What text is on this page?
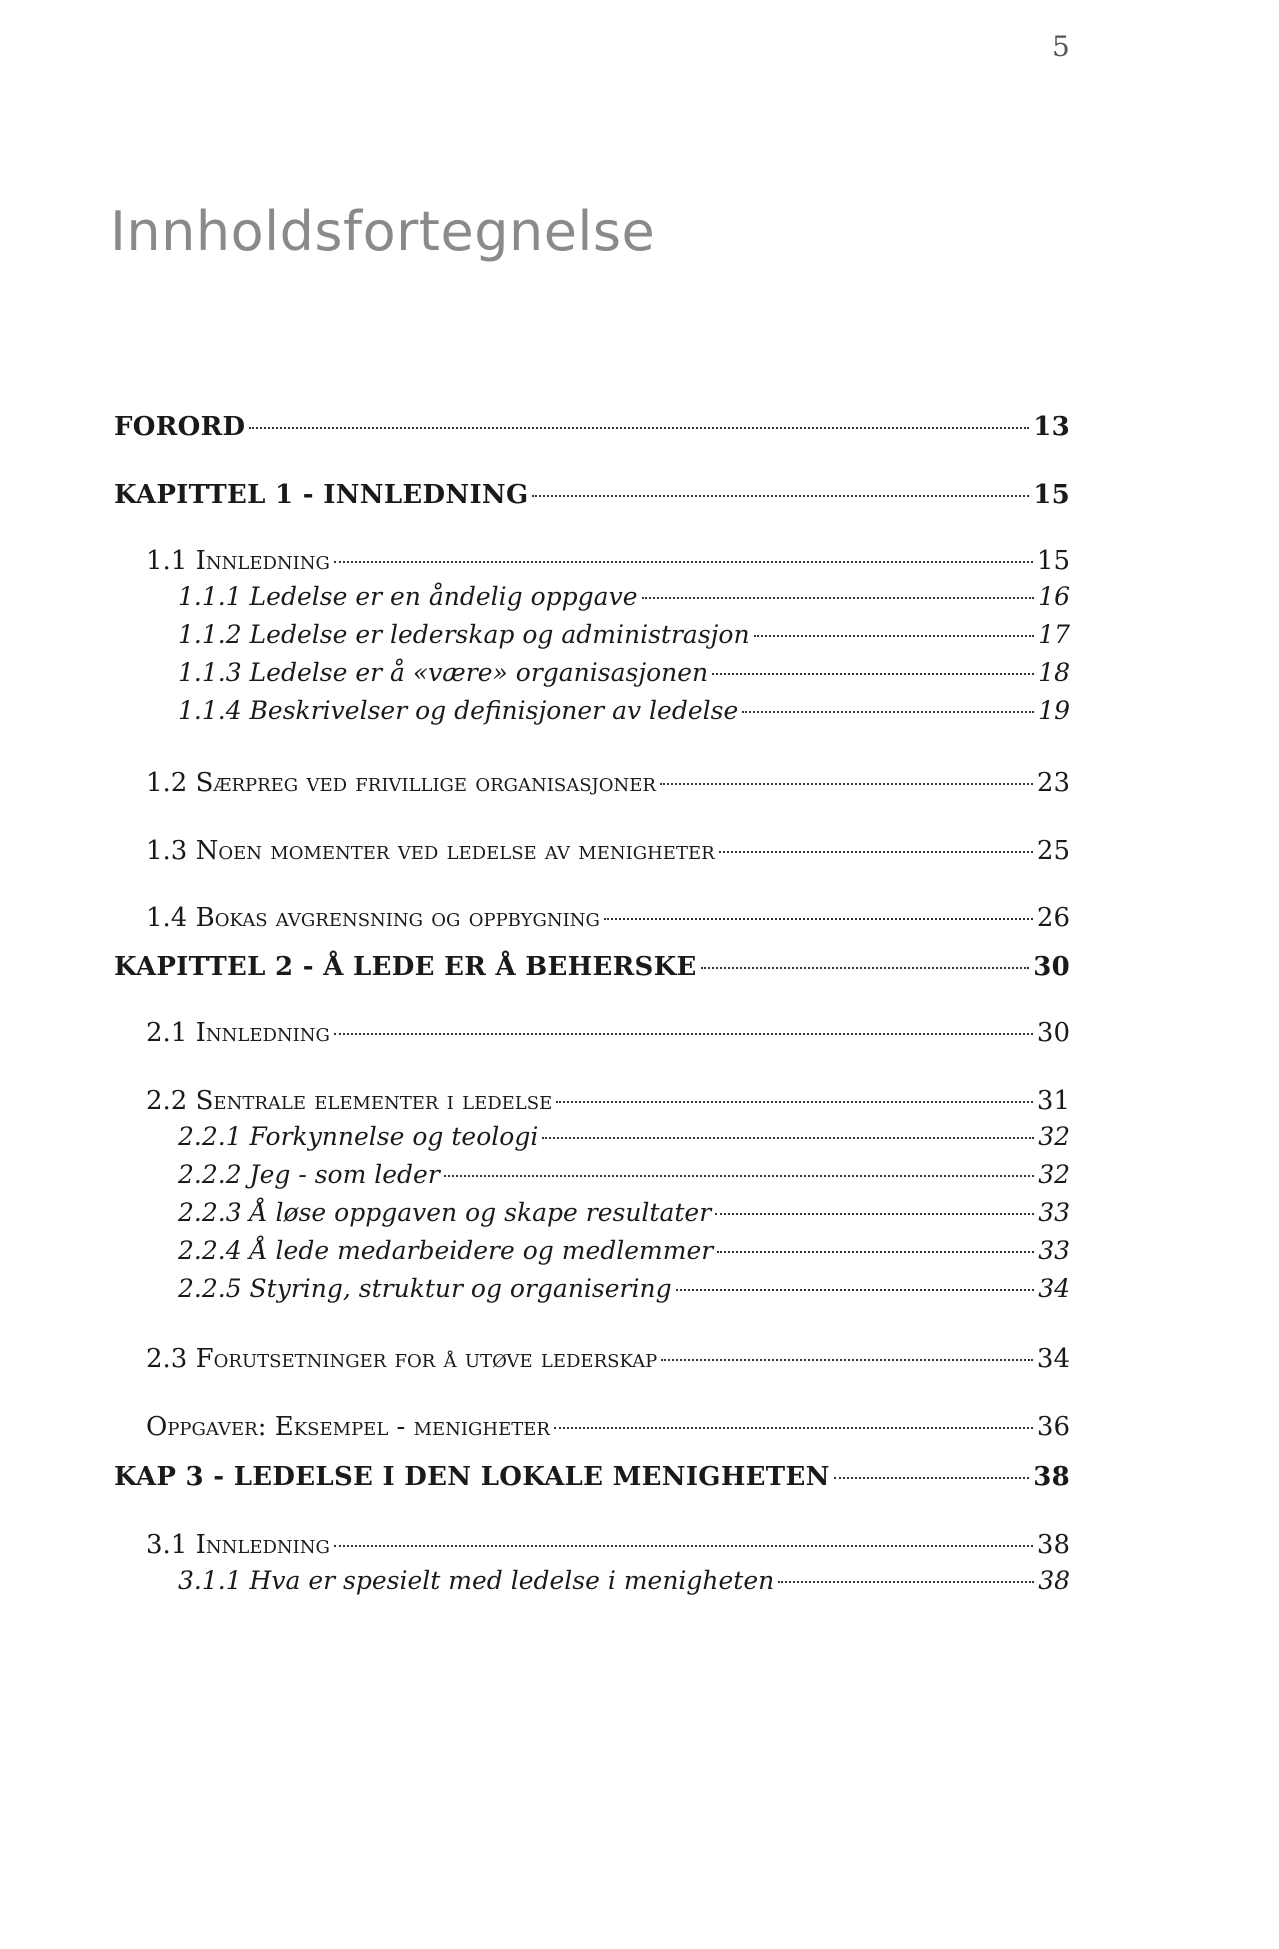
5
Innholdsfortegnelse
FORORD	13
KAPITTEL 1 - INNLEDNING	15
1.1 Innledning	15
1.1.1 Ledelse er en åndelig oppgave	16
1.1.2 Ledelse er lederskap og administrasjon	17
1.1.3 Ledelse er å «være» organisasjonen	18
1.1.4 Beskrivelser og definisjoner av ledelse	19
1.2 Særpreg ved frivillige organisasjoner	23
1.3 Noen momenter ved ledelse av menigheter	25
1.4 Bokas avgrensning og oppbygning	26
KAPITTEL 2 - Å LEDE ER Å BEHERSKE	30
2.1 Innledning	30
2.2 Sentrale elementer i ledelse	31
2.2.1 Forkynnelse og teologi	32
2.2.2 Jeg - som leder	32
2.2.3 Å løse oppgaven og skape resultater	33
2.2.4 Å lede medarbeidere og medlemmer	33
2.2.5 Styring, struktur og organisering	34
2.3 Forutsetninger for å utøve lederskap	34
Oppgaver: Eksempel - menigheter	36
KAP 3 - LEDELSE I DEN LOKALE MENIGHETEN	38
3.1 Innledning	38
3.1.1 Hva er spesielt med ledelse i menigheten	38
